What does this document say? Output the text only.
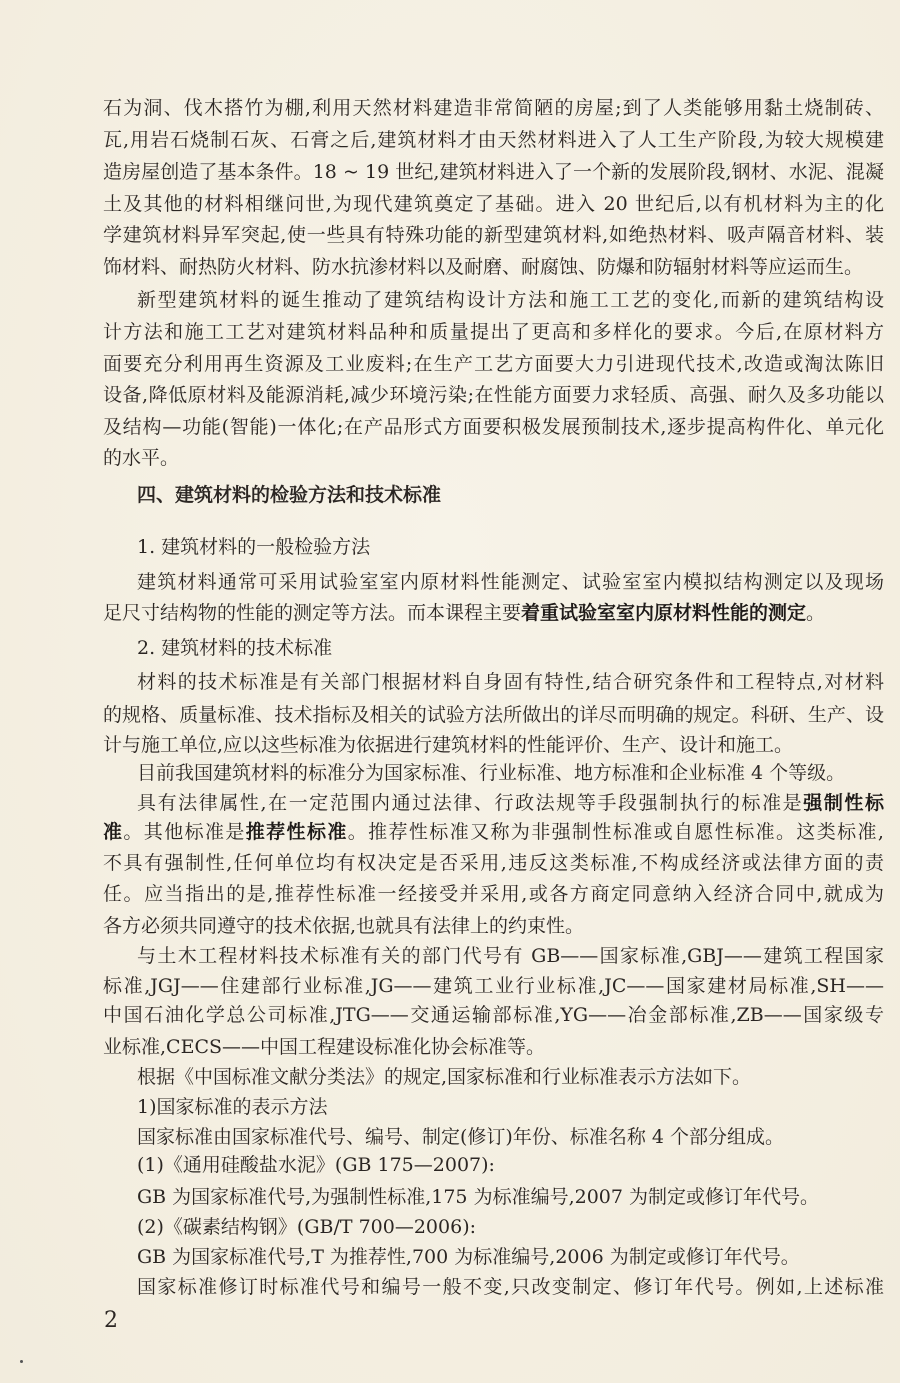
石为洞、伐木搭竹为棚,利用天然材料建造非常简陋的房屋;到了人类能够用黏土烧制砖、
瓦,用岩石烧制石灰、石膏之后,建筑材料才由天然材料进入了人工生产阶段,为较大规模建
造房屋创造了基本条件。18 ~ 19 世纪,建筑材料进入了一个新的发展阶段,钢材、水泥、混凝
土及其他的材料相继问世,为现代建筑奠定了基础。进入 20 世纪后,以有机材料为主的化
学建筑材料异军突起,使一些具有特殊功能的新型建筑材料,如绝热材料、吸声隔音材料、装
饰材料、耐热防火材料、防水抗渗材料以及耐磨、耐腐蚀、防爆和防辐射材料等应运而生。
新型建筑材料的诞生推动了建筑结构设计方法和施工工艺的变化,而新的建筑结构设
计方法和施工工艺对建筑材料品种和质量提出了更高和多样化的要求。今后,在原材料方
面要充分利用再生资源及工业废料;在生产工艺方面要大力引进现代技术,改造或淘汰陈旧
设备,降低原材料及能源消耗,减少环境污染;在性能方面要力求轻质、高强、耐久及多功能以
及结构—功能(智能)一体化;在产品形式方面要积极发展预制技术,逐步提高构件化、单元化
的水平。
四、建筑材料的检验方法和技术标准
1. 建筑材料的一般检验方法
建筑材料通常可采用试验室室内原材料性能测定、试验室室内模拟结构测定以及现场
足尺寸结构物的性能的测定等方法。而本课程主要着重试验室室内原材料性能的测定。
2. 建筑材料的技术标准
材料的技术标准是有关部门根据材料自身固有特性,结合研究条件和工程特点,对材料
的规格、质量标准、技术指标及相关的试验方法所做出的详尽而明确的规定。科研、生产、设
计与施工单位,应以这些标准为依据进行建筑材料的性能评价、生产、设计和施工。
目前我国建筑材料的标准分为国家标准、行业标准、地方标准和企业标准 4 个等级。
具有法律属性,在一定范围内通过法律、行政法规等手段强制执行的标准是强制性标
准。其他标准是推荐性标准。推荐性标准又称为非强制性标准或自愿性标准。这类标准,
不具有强制性,任何单位均有权决定是否采用,违反这类标准,不构成经济或法律方面的责
任。应当指出的是,推荐性标准一经接受并采用,或各方商定同意纳入经济合同中,就成为
各方必须共同遵守的技术依据,也就具有法律上的约束性。
与土木工程材料技术标准有关的部门代号有 GB——国家标准,GBJ——建筑工程国家
标准,JGJ——住建部行业标准,JG——建筑工业行业标准,JC——国家建材局标准,SH——
中国石油化学总公司标准,JTG——交通运输部标准,YG——冶金部标准,ZB——国家级专
业标准,CECS——中国工程建设标准化协会标准等。
根据《中国标准文献分类法》的规定,国家标准和行业标准表示方法如下。
1)国家标准的表示方法
国家标准由国家标准代号、编号、制定(修订)年份、标准名称 4 个部分组成。
(1)《通用硅酸盐水泥》(GB 175—2007):
GB 为国家标准代号,为强制性标准,175 为标准编号,2007 为制定或修订年代号。
(2)《碳素结构钢》(GB/T 700—2006):
GB 为国家标准代号,T 为推荐性,700 为标准编号,2006 为制定或修订年代号。
国家标准修订时标准代号和编号一般不变,只改变制定、修订年代号。例如,上述标准
2
